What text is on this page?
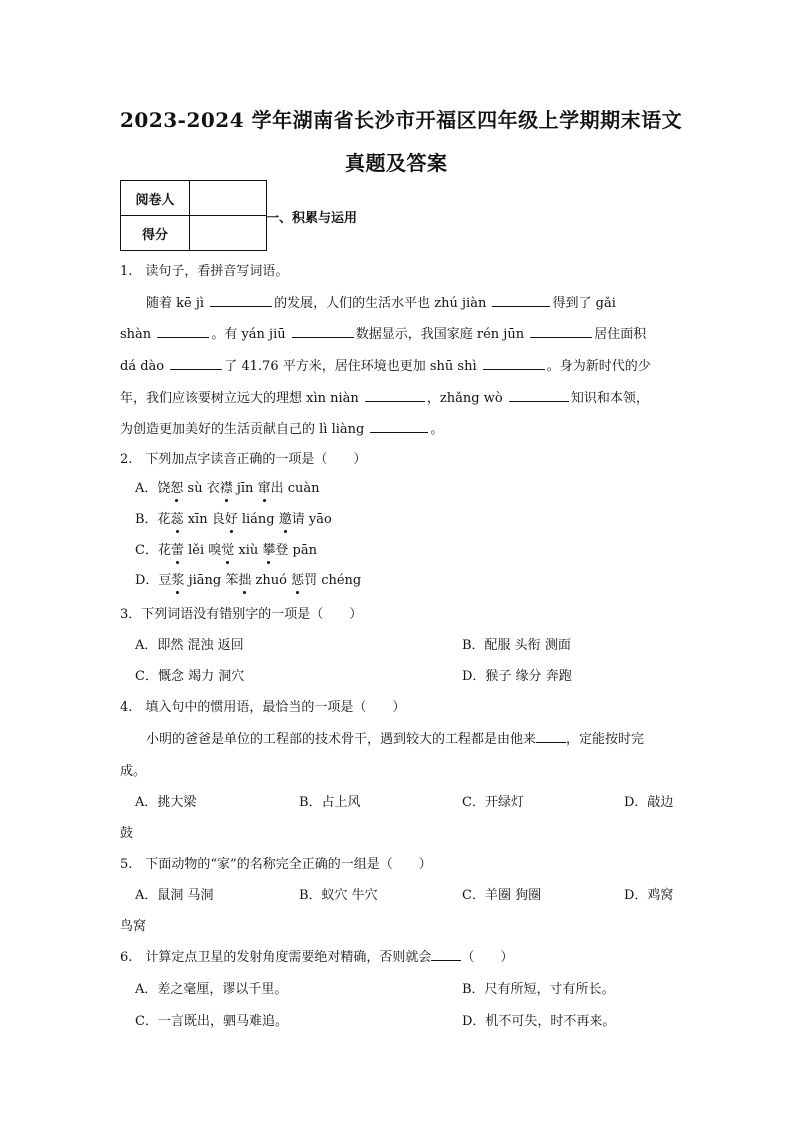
2023-2024 学年湖南省长沙市开福区四年级上学期期末语文
真题及答案
阅卷人	
得分	
一、积累与运用
1.　读句子，看拼音写词语。
随着 kē jì	的发展，人们的生活水平也 zhú jiàn	得到了 gǎi
shàn	。有 yán jiū	数据显示，我国家庭 rén jūn	居住面积
dá dào	了 41.76 平方米，居住环境也更加 shū shì	。身为新时代的少
年，我们应该要树立远大的理想 xìn niàn	，zhǎng wò	知识和本领，
为创造更加美好的生活贡献自己的 lì liàng	。
2.　下列加点字读音正确的一项是（　　）
A．饶恕 sù 衣襟 jīn 窜出 cuàn
B．花蕊 xīn 良好 liáng 邀请 yāo
C．花蕾 lěi 嗅觉 xiù 攀登 pān
D．豆浆 jiāng 笨拙 zhuó 惩罚 chéng
3．下列词语没有错别字的一项是（　　）
A．即然 混浊 返回	B．配服 头衔 测面
C．慨念 竭力 洞穴	D．猴子 缘分 奔跑
4.　填入句中的惯用语，最恰当的一项是（　　）
小明的爸爸是单位的工程部的技术骨干，遇到较大的工程都是由他来 ，定能按时完
成。
A．挑大梁	B．占上风	C．开绿灯	D．敲边
鼓
5.　下面动物的“家”的名称完全正确的一组是（　　）
A．鼠洞 马洞	B．蚁穴 牛穴	C．羊圈 狗圈	D．鸡窝
鸟窝
6.　计算定点卫星的发射角度需要绝对精确，否则就会 （　　）
A．差之毫厘，谬以千里。	B．尺有所短，寸有所长。
C．一言既出，驷马难追。	D．机不可失，时不再来。
